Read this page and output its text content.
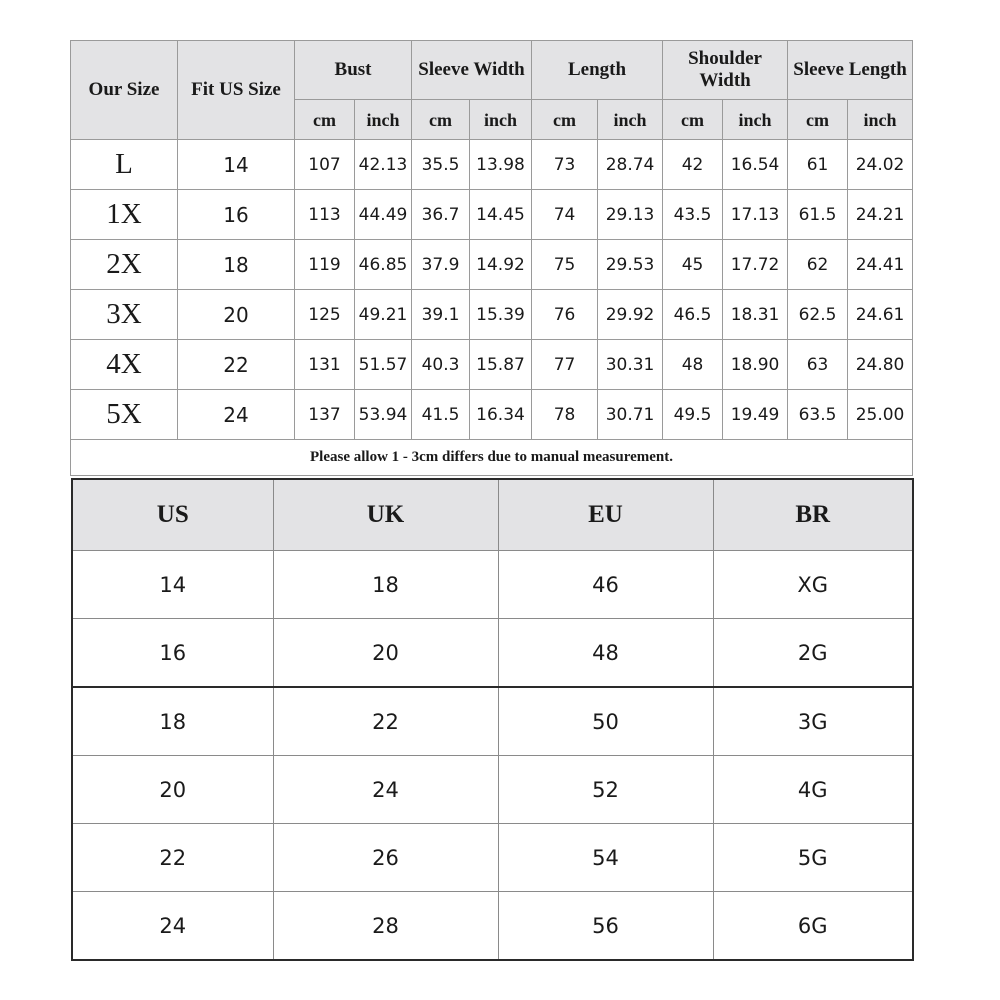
Our Size	Fit US Size	Bust		Sleeve Width		Length		Shoulder Width		Sleeve Length	
		cm	inch	cm	inch	cm	inch	cm	inch	cm	inch
L	14	107	42.13	35.5	13.98	73	28.74	42	16.54	61	24.02
1X	16	113	44.49	36.7	14.45	74	29.13	43.5	17.13	61.5	24.21
2X	18	119	46.85	37.9	14.92	75	29.53	45	17.72	62	24.41
3X	20	125	49.21	39.1	15.39	76	29.92	46.5	18.31	62.5	24.61
4X	22	131	51.57	40.3	15.87	77	30.31	48	18.90	63	24.80
5X	24	137	53.94	41.5	16.34	78	30.71	49.5	19.49	63.5	25.00
Please allow 1 - 3cm differs due to manual measurement.											
US	UK	EU	BR
14	18	46	XG
16	20	48	2G
18	22	50	3G
20	24	52	4G
22	26	54	5G
24	28	56	6G
